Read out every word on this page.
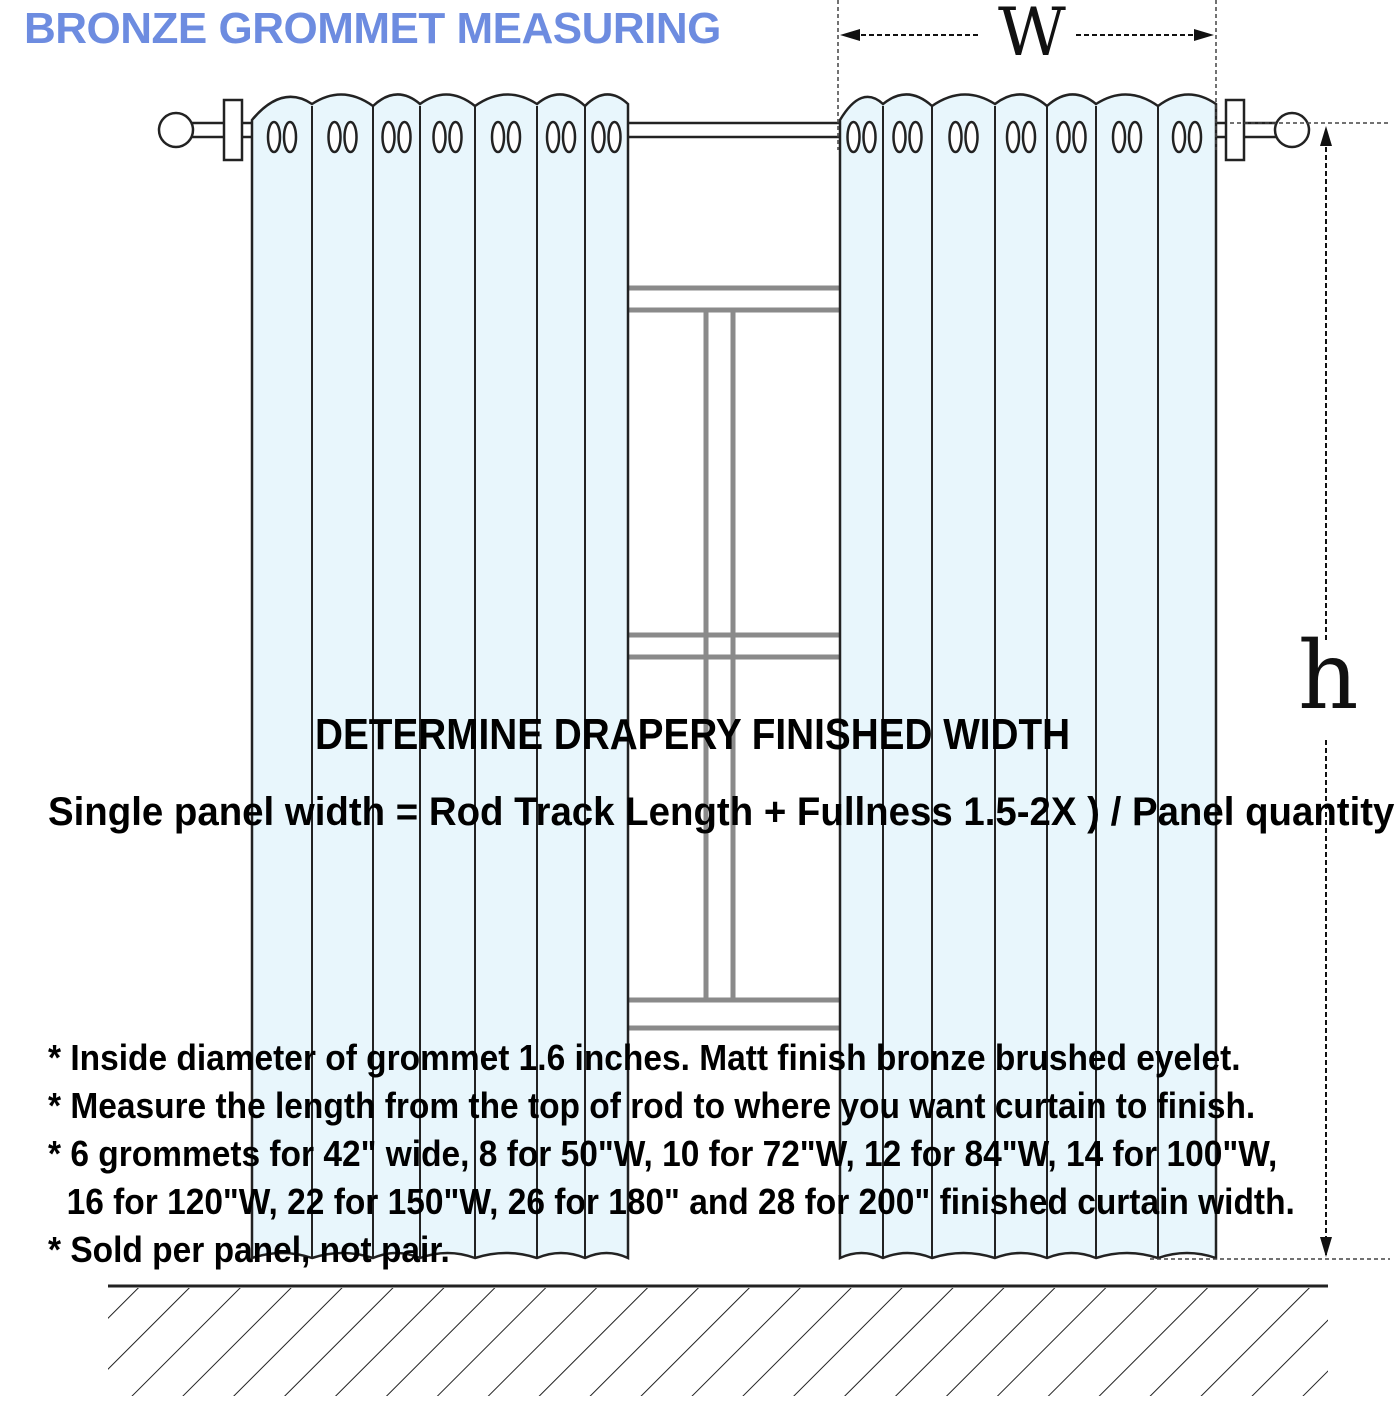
BRONZE GROMMET MEASURING	W
h
DETERMINE DRAPERY FINISHED WIDTH
Single panel width = Rod Track Length + Fullness 1.5-2X ) / Panel quantity
* Inside diameter of grommet 1.6 inches. Matt finish bronze brushed eyelet.
* Measure the length from the top of rod to where you want curtain to finish.
* 6 grommets for 42" wide, 8 for 50"W, 10 for 72"W, 12 for 84"W, 14 for 100"W,
16 for 120"W, 22 for 150"W, 26 for 180" and 28 for 200" finished curtain width.
* Sold per panel, not pair.
